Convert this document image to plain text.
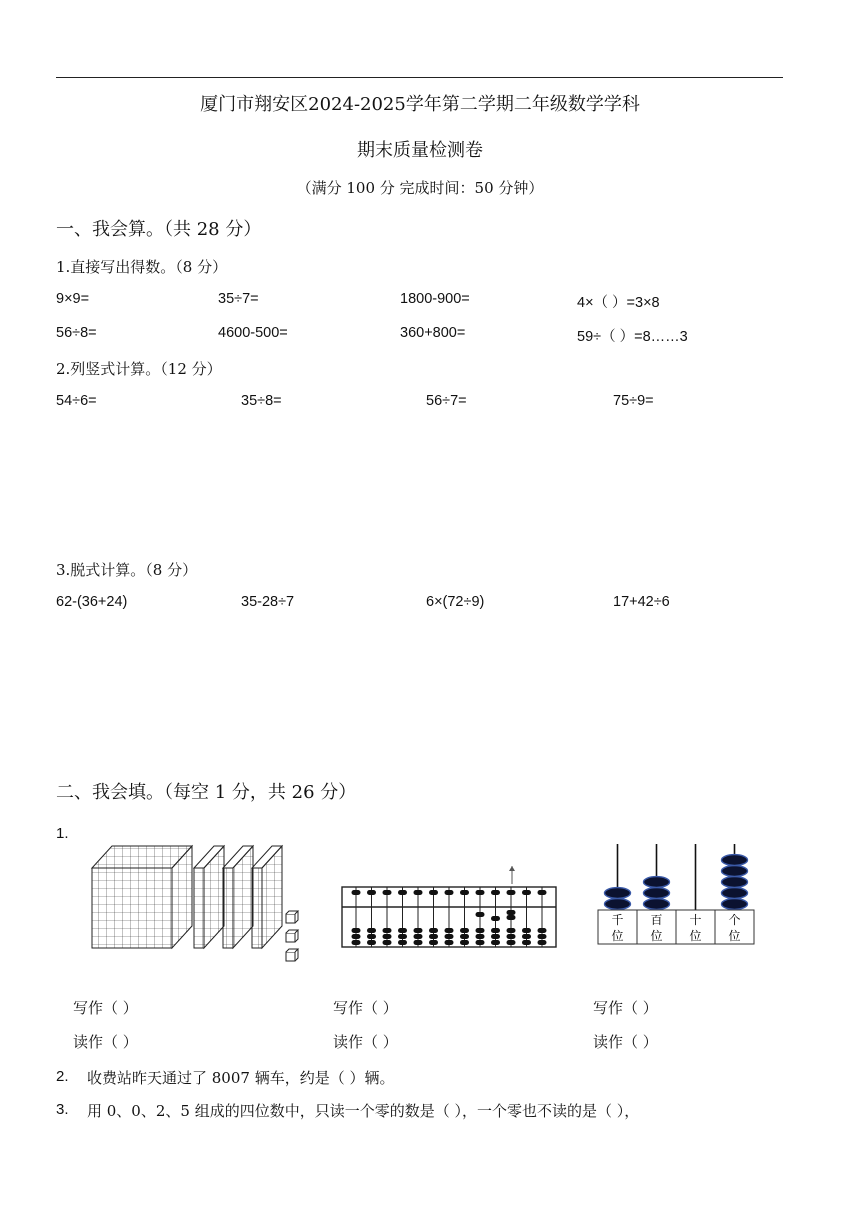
厦门市翔安区2024-2025学年第二学期二年级数学学科
期末质量检测卷
（满分 100 分 完成时间：50 分钟）
一、我会算。（共 28 分）
1.直接写出得数。（8 分）
9×9=	35÷7=	1800-900=	4×（ ）=3×8
56÷8=	4600-500=	360+800=	59÷（ ）=8……3
2.列竖式计算。（12 分）
54÷6=	35÷8=	56÷7=	75÷9=
3.脱式计算。（8 分）
62-(36+24)	35-28÷7	6×(72÷9)	17+42÷6
二、我会填。（每空 1 分，共 26 分）
1.
千
位
百
位
十
位
个
位
写作（ ）	写作（ ）	写作（ ）
读作（ ）	读作（ ）	读作（ ）
2. 收费站昨天通过了 8007 辆车，约是（ ）辆。
3. 用 0、0、2、5 组成的四位数中，只读一个零的数是（ ），一个零也不读的是（ ），
